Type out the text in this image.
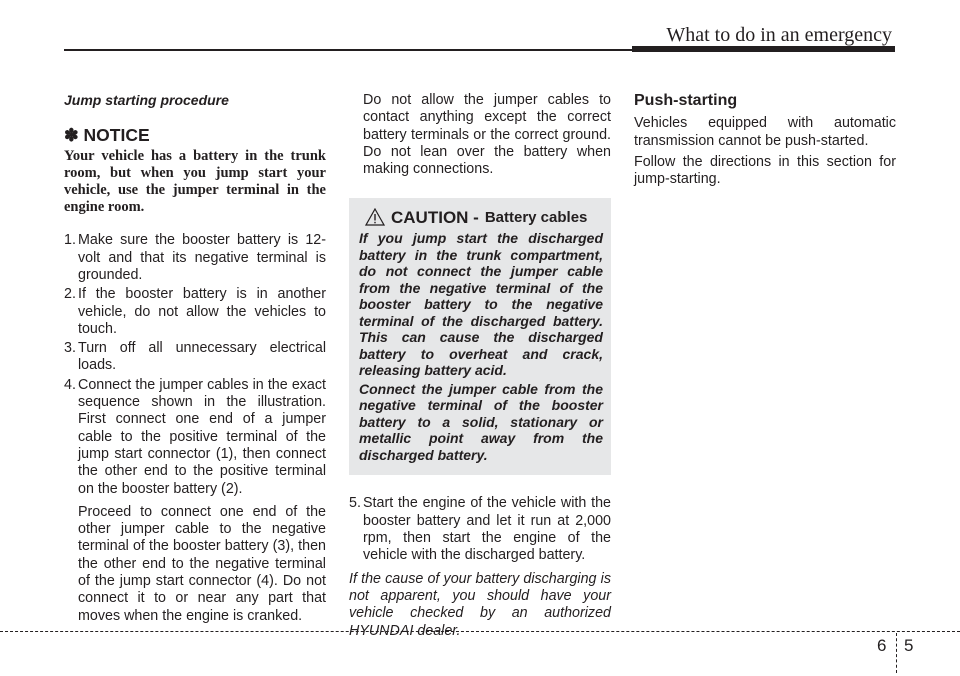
What to do in an emergency
Jump starting procedure
✽ NOTICE
Your vehicle has a battery in the trunk room, but when you jump start your vehicle, use the jumper terminal in the engine room.
1. Make sure the booster battery is 12-volt and that its negative terminal is grounded.
2. If the booster battery is in another vehicle, do not allow the vehicles to touch.
3. Turn off all unnecessary electrical loads.
4. Connect the jumper cables in the exact sequence shown in the illustration. First connect one end of a jumper cable to the positive terminal of the jump start connector (1), then connect the other end to the positive terminal on the booster battery (2).
Proceed to connect one end of the other jumper cable to the negative terminal of the booster battery (3), then the other end to the negative terminal of the jump start connector (4). Do not connect it to or near any part that moves when the engine is cranked.
Do not allow the jumper cables to contact anything except the correct battery terminals or the correct ground. Do not lean over the battery when making connections.
CAUTION - Battery cables
If you jump start the discharged battery in the trunk compartment, do not connect the jumper cable from the negative terminal of the booster battery to the negative terminal of the discharged battery. This can cause the discharged battery to overheat and crack, releasing battery acid.
Connect the jumper cable from the negative terminal of the booster battery to a solid, stationary or metallic point away from the discharged battery.
5. Start the engine of the vehicle with the booster battery and let it run at 2,000 rpm, then start the engine of the vehicle with the discharged battery.
If the cause of your battery discharging is not apparent, you should have your vehicle checked by an authorized HYUNDAI dealer.
Push-starting
Vehicles equipped with automatic transmission cannot be push-started.
Follow the directions in this section for jump-starting.
6 5
